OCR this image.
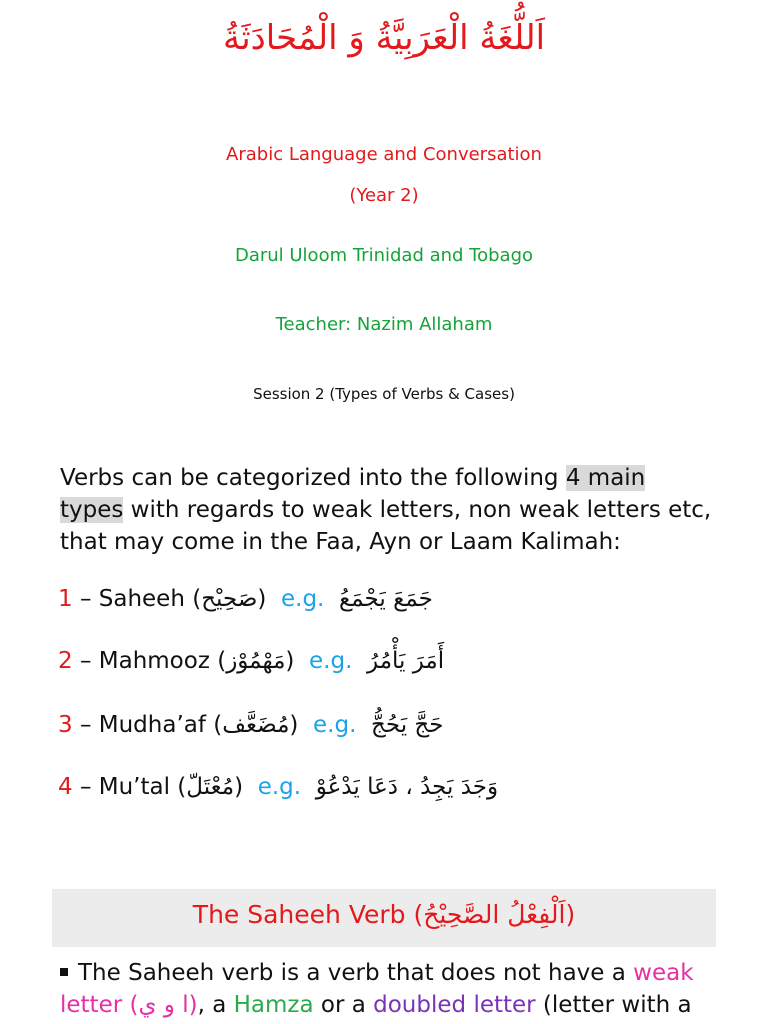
اَللُّغَةُ الْعَرَبِيَّةُ وَ الْمُحَادَثَةُ
Arabic Language and Conversation
(Year 2)
Darul Uloom Trinidad and Tobago
Teacher: Nazim Allaham
Session 2 (Types of Verbs & Cases)
Verbs can be categorized into the following 4 main
types with regards to weak letters, non weak letters etc, that may come in the Faa, Ayn or Laam Kalimah:
1 – Saheeh (صَحِيْح) e.g. جَمَعَ يَجْمَعُ
2 – Mahmooz (مَهْمُوْز) e.g. أَمَرَ يَأْمُرُ
3 – Mudha’af (مُضَعَّف) e.g. حَجَّ يَحُجُّ
4 – Mu’tal (مُعْتَلّ) e.g. وَجَدَ يَجِدُ ، دَعَا يَدْعُوْ
The Saheeh Verb (اَلْفِعْلُ الصَّحِيْحُ)
The Saheeh verb is a verb that does not have a weak letter (ا و ي), a Hamza or a doubled letter (letter with a
